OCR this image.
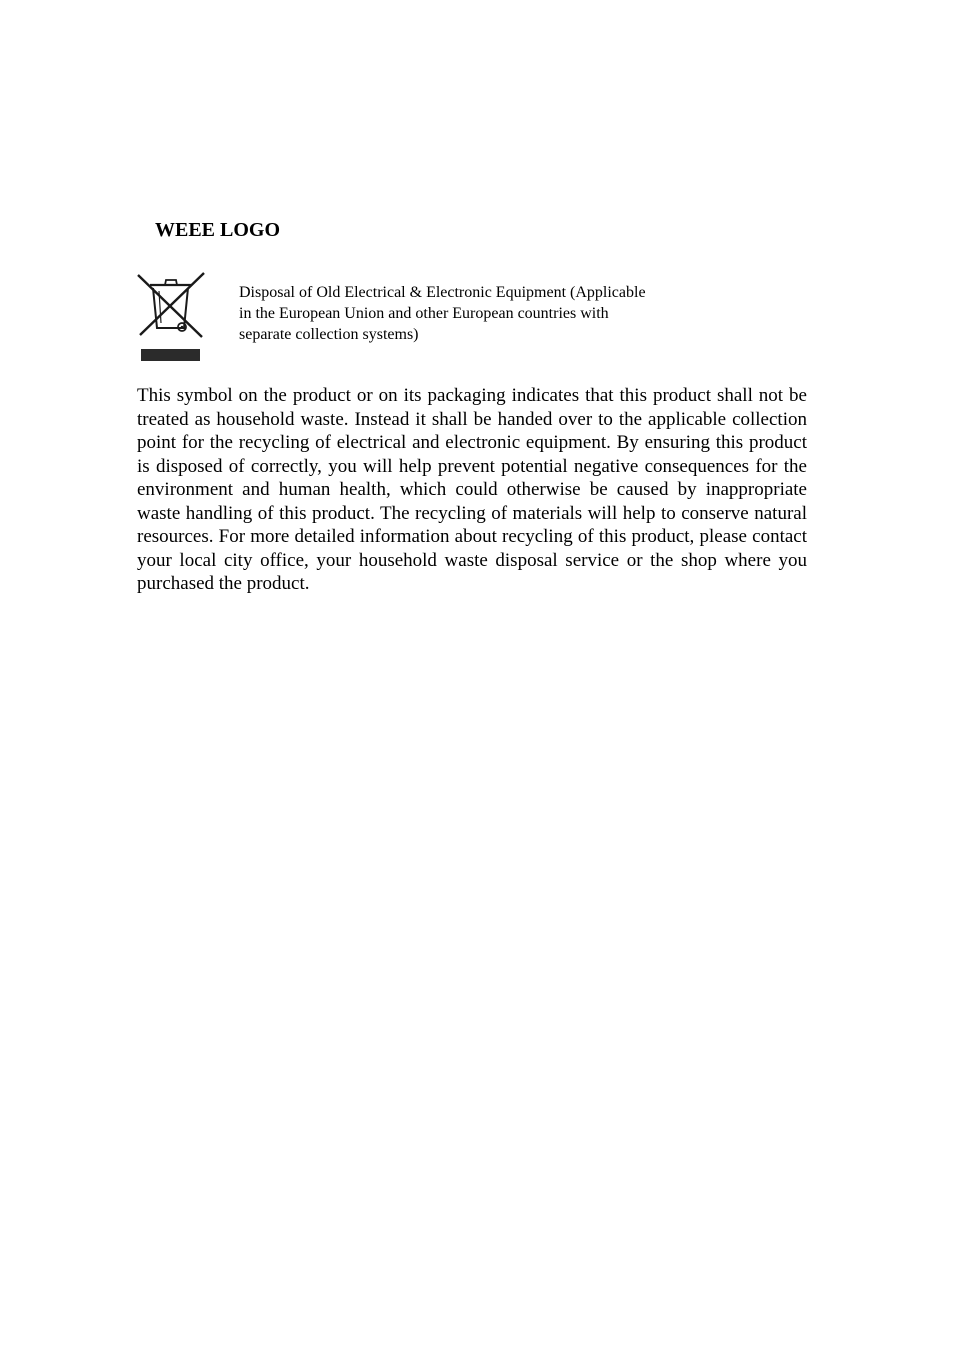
WEEE LOGO

Disposal of Old Electrical & Electronic Equipment (Applicable
in the European Union and other European countries with
separate collection systems)

This symbol on the product or on its packaging indicates that this product shall not be treated as household waste. Instead it shall be handed over to the applicable collection point for the recycling of electrical and electronic equipment. By ensuring this product is disposed of correctly, you will help prevent potential negative consequences for the environment and human health, which could otherwise be caused by inappropriate waste handling of this product. The recycling of materials will help to conserve natural resources. For more detailed information about recycling of this product, please contact your local city office, your household waste disposal service or the shop where you purchased the product.
